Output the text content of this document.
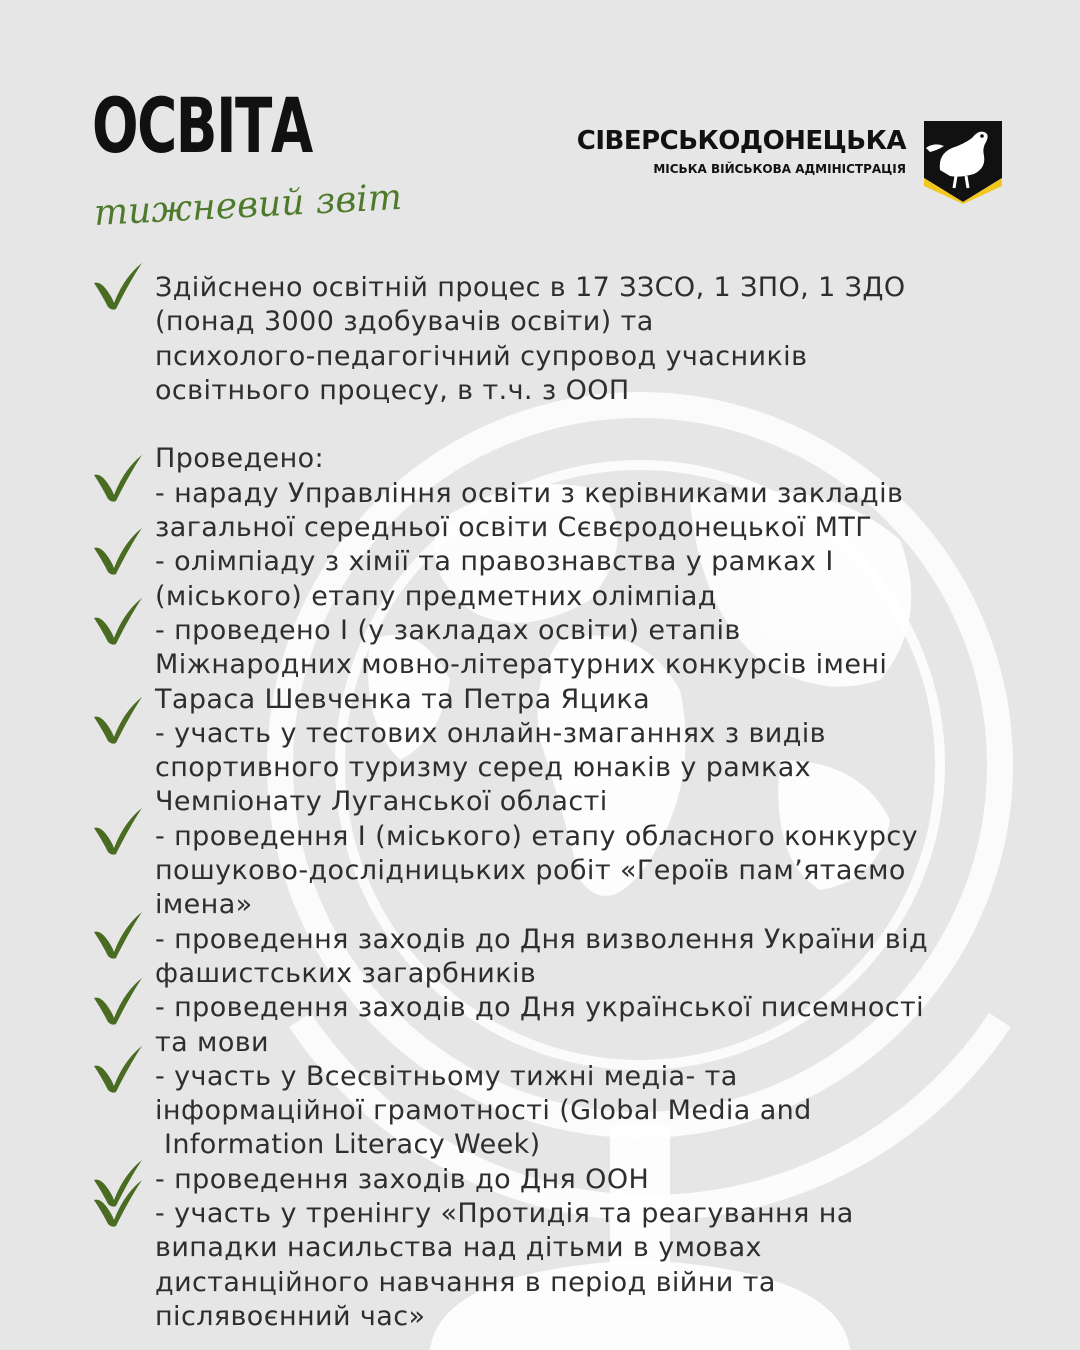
ОСВІТА
тижневий звіт
СІВЕРСЬКОДОНЕЦЬКА
МІСЬКА ВІЙСЬКОВА АДМІНІСТРАЦІЯ
Здійснено освітній процес в 17 ЗЗСО, 1 ЗПО, 1 ЗДО
(понад 3000 здобувачів освіти) та
психолого-педагогічний супровод учасників
освітнього процесу, в т.ч. з ООП
Проведено:
- нараду Управління освіти з керівниками закладів
загальної середньої освіти Сєвєродонецької МТГ
- олімпіаду з хімії та правознавства у рамках І
(міського) етапу предметних олімпіад
- проведено І (у закладах освіти) етапів
Міжнародних мовно-літературних конкурсів імені
Тараса Шевченка та Петра Яцика
- участь у тестових онлайн-змаганнях з видів
спортивного туризму серед юнаків у рамках
Чемпіонату Луганської області
- проведення І (міського) етапу обласного конкурсу
пошуково-дослідницьких робіт «Героїв пам’ятаємо
імена»
- проведення заходів до Дня визволення України від
фашистських загарбників
- проведення заходів до Дня української писемності
та мови
- участь у Всесвітньому тижні медіа- та
інформаційної грамотності (Global Media and
Information Literacy Week)
- проведення заходів до Дня ООН
- участь у тренінгу «Протидія та реагування на
випадки насильства над дітьми в умовах
дистанційного навчання в період війни та
післявоєнний час»
